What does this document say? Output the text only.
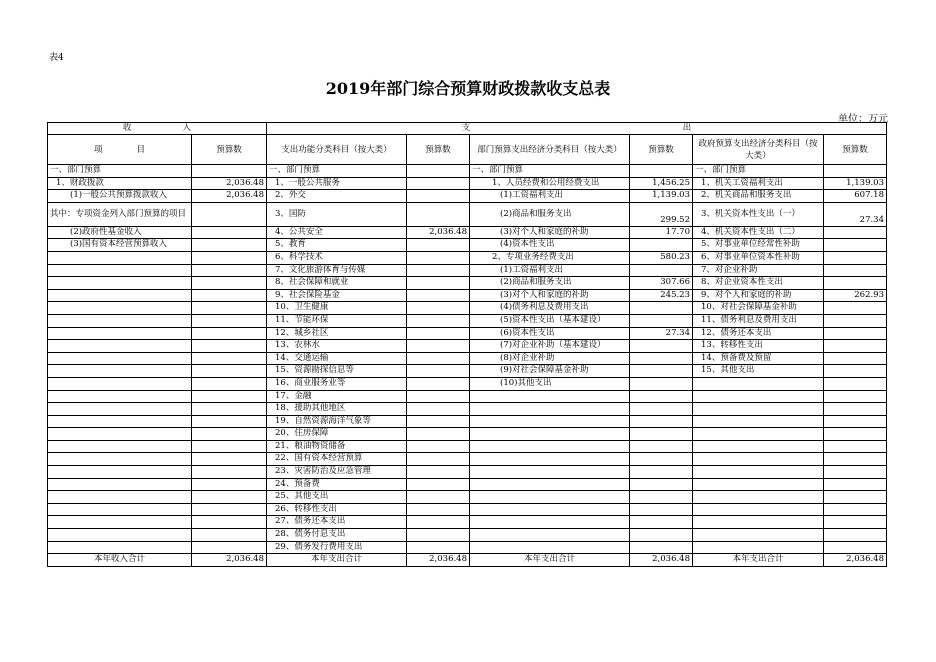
表4
2019年部门综合预算财政拨款收支总表
单位：万元
收　　　　　　入		支　　　　　　　　　　　　　　　　　　　　　　　　　出					
项　　　　目	预算数	支出功能分类科目（按大类）	预算数	部门预算支出经济分类科目（按大类）	预算数	政府预算支出经济分类科目（按大类）	预算数
一、部门预算		一、部门预算		一、部门预算		一、部门预算	
1、财政拨款	2,036.48	1、一般公共服务		1、人员经费和公用经费支出	1,456.25	1、机关工资福利支出	1,139.03
(1)一般公共预算拨款收入	2,036.48	2、外交		(1)工资福利支出	1,139.03	2、机关商品和服务支出	607.18
其中：专项资金列入部门预算的项目		3、国防		(2)商品和服务支出	299.52	3、机关资本性支出（一）	27.34
(2)政府性基金收入		4、公共安全	2,036.48	(3)对个人和家庭的补助	17.70	4、机关资本性支出（二）	
(3)国有资本经营预算收入		5、教育		(4)资本性支出		5、对事业单位经常性补助	
		6、科学技术		2、专项业务经费支出	580.23	6、对事业单位资本性补助	
		7、文化旅游体育与传媒		(1)工资福利支出		7、对企业补助	
		8、社会保障和就业		(2)商品和服务支出	307.66	8、对企业资本性支出	
		9、社会保险基金		(3)对个人和家庭的补助	245.23	9、对个人和家庭的补助	262.93
		10、卫生健康		(4)债务利息及费用支出		10、对社会保障基金补助	
		11、节能环保		(5)资本性支出（基本建设）		11、债务利息及费用支出	
		12、城乡社区		(6)资本性支出	27.34	12、债务还本支出	
		13、农林水		(7)对企业补助（基本建设）		13、转移性支出	
		14、交通运输		(8)对企业补助		14、预备费及预留	
		15、资源勘探信息等		(9)对社会保障基金补助		15、其他支出	
		16、商业服务业等		(10)其他支出			
		17、金融					
		18、援助其他地区					
		19、自然资源海洋气象等					
		20、住房保障					
		21、粮油物资储备					
		22、国有资本经营预算					
		23、灾害防治及应急管理					
		24、预备费					
		25、其他支出					
		26、转移性支出					
		27、债务还本支出					
		28、债务付息支出					
		29、债务发行费用支出					
本年收入合计	2,036.48	本年支出合计	2,036.48	本年支出合计	2,036.48	本年支出合计	2,036.48
